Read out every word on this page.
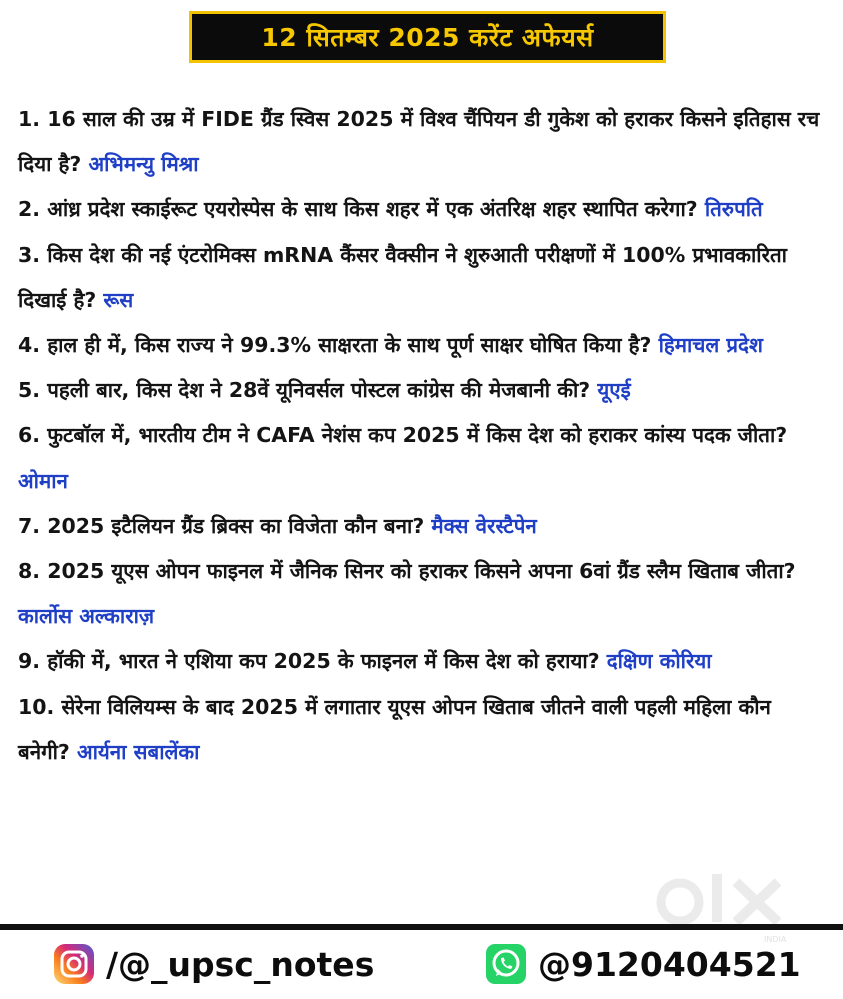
12 सितम्बर 2025 करेंट अफेयर्स
1. 16 साल की उम्र में FIDE ग्रैंड स्विस 2025 में विश्व चैंपियन डी गुकेश को हराकर किसने इतिहास रच दिया है? अभिमन्यु मिश्रा
2. आंध्र प्रदेश स्काईरूट एयरोस्पेस के साथ किस शहर में एक अंतरिक्ष शहर स्थापित करेगा? तिरुपति
3. किस देश की नई एंटरोमिक्स mRNA कैंसर वैक्सीन ने शुरुआती परीक्षणों में 100% प्रभावकारिता दिखाई है? रूस
4. हाल ही में, किस राज्य ने 99.3% साक्षरता के साथ पूर्ण साक्षर घोषित किया है? हिमाचल प्रदेश
5. पहली बार, किस देश ने 28वें यूनिवर्सल पोस्टल कांग्रेस की मेजबानी की? यूएई
6. फुटबॉल में, भारतीय टीम ने CAFA नेशंस कप 2025 में किस देश को हराकर कांस्य पदक जीता? ओमान
7. 2025 इटैलियन ग्रैंड ब्रिक्स का विजेता कौन बना? मैक्स वेरस्टैपेन
8. 2025 यूएस ओपन फाइनल में जैनिक सिनर को हराकर किसने अपना 6वां ग्रैंड स्लैम खिताब जीता? कार्लोस अल्काराज़
9. हॉकी में, भारत ने एशिया कप 2025 के फाइनल में किस देश को हराया? दक्षिण कोरिया
10. सेरेना विलियम्स के बाद 2025 में लगातार यूएस ओपन खिताब जीतने वाली पहली महिला कौन बनेगी? आर्यना सबालेंका
INDIA
/@_upsc_notes	@9120404521
